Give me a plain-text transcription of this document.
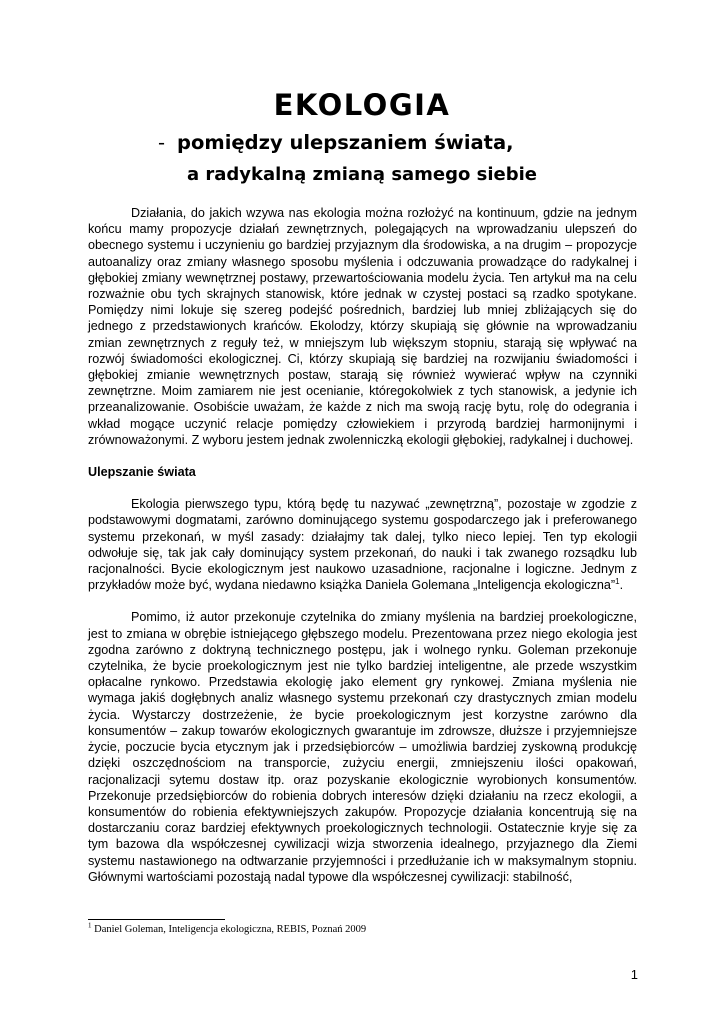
EKOLOGIA
- pomiędzy ulepszaniem świata,
a radykalną zmianą samego siebie

Działania, do jakich wzywa nas ekologia można rozłożyć na kontinuum, gdzie na jednym końcu mamy propozycje działań zewnętrznych, polegających na wprowadzaniu ulepszeń do obecnego systemu i uczynieniu go bardziej przyjaznym dla środowiska, a na drugim – propozycje autoanalizy oraz zmiany własnego sposobu myślenia i odczuwania prowadzące do radykalnej i głębokiej zmiany wewnętrznej postawy, przewartościowania modelu życia. Ten artykuł ma na celu rozważnie obu tych skrajnych stanowisk, które jednak w czystej postaci są rzadko spotykane. Pomiędzy nimi lokuje się szereg podejść pośrednich, bardziej lub mniej zbliżających się do jednego z przedstawionych krańców. Ekolodzy, którzy skupiają się głównie na wprowadzaniu zmian zewnętrznych z reguły też, w mniejszym lub większym stopniu, starają się wpływać na rozwój świadomości ekologicznej. Ci, którzy skupiają się bardziej na rozwijaniu świadomości i głębokiej zmianie wewnętrznych postaw, starają się również wywierać wpływ na czynniki zewnętrzne. Moim zamiarem nie jest ocenianie, któregokolwiek z tych stanowisk, a jedynie ich przeanalizowanie. Osobiście uważam, że każde z nich ma swoją rację bytu, rolę do odegrania i wkład mogące uczynić relacje pomiędzy człowiekiem i przyrodą bardziej harmonijnymi i zrównoważonymi. Z wyboru jestem jednak zwolenniczką ekologii głębokiej, radykalnej i duchowej.

Ulepszanie świata

Ekologia pierwszego typu, którą będę tu nazywać „zewnętrzną”, pozostaje w zgodzie z podstawowymi dogmatami, zarówno dominującego systemu gospodarczego jak i preferowanego systemu przekonań, w myśl zasady: działajmy tak dalej, tylko nieco lepiej. Ten typ ekologii odwołuje się, tak jak cały dominujący system przekonań, do nauki i tak zwanego rozsądku lub racjonalności. Bycie ekologicznym jest naukowo uzasadnione, racjonalne i logiczne. Jednym z przykładów może być, wydana niedawno książka Daniela Golemana „Inteligencja ekologiczna”$^1$.

Pomimo, iż autor przekonuje czytelnika do zmiany myślenia na bardziej proekologiczne, jest to zmiana w obrębie istniejącego głębszego modelu. Prezentowana przez niego ekologia jest zgodna zarówno z doktryną technicznego postępu, jak i wolnego rynku. Goleman przekonuje czytelnika, że bycie proekologicznym jest nie tylko bardziej inteligentne, ale przede wszystkim opłacalne rynkowo. Przedstawia ekologię jako element gry rynkowej. Zmiana myślenia nie wymaga jakiś dogłębnych analiz własnego systemu przekonań czy drastycznych zmian modelu życia. Wystarczy dostrzeżenie, że bycie proekologicznym jest korzystne zarówno dla konsumentów – zakup towarów ekologicznych gwarantuje im zdrowsze, dłuższe i przyjemniejsze życie, poczucie bycia etycznym jak i przedsiębiorców – umożliwia bardziej zyskowną produkcję dzięki oszczędnościom na transporcie, zużyciu energii, zmniejszeniu ilości opakowań, racjonalizacji sytemu dostaw itp. oraz pozyskanie ekologicznie wyrobionych konsumentów. Przekonuje przedsiębiorców do robienia dobrych interesów dzięki działaniu na rzecz ekologii, a konsumentów do robienia efektywniejszych zakupów. Propozycje działania koncentrują się na dostarczaniu coraz bardziej efektywnych proekologicznych technologii. Ostatecznie kryje się za tym bazowa dla współczesnej cywilizacji wizja stworzenia idealnego, przyjaznego dla Ziemi systemu nastawionego na odtwarzanie przyjemności i przedłużanie ich w maksymalnym stopniu. Głównymi wartościami pozostają nadal typowe dla współczesnej cywilizacji: stabilność,

$^1$ Daniel Goleman, Inteligencja ekologiczna, REBIS, Poznań 2009
1
